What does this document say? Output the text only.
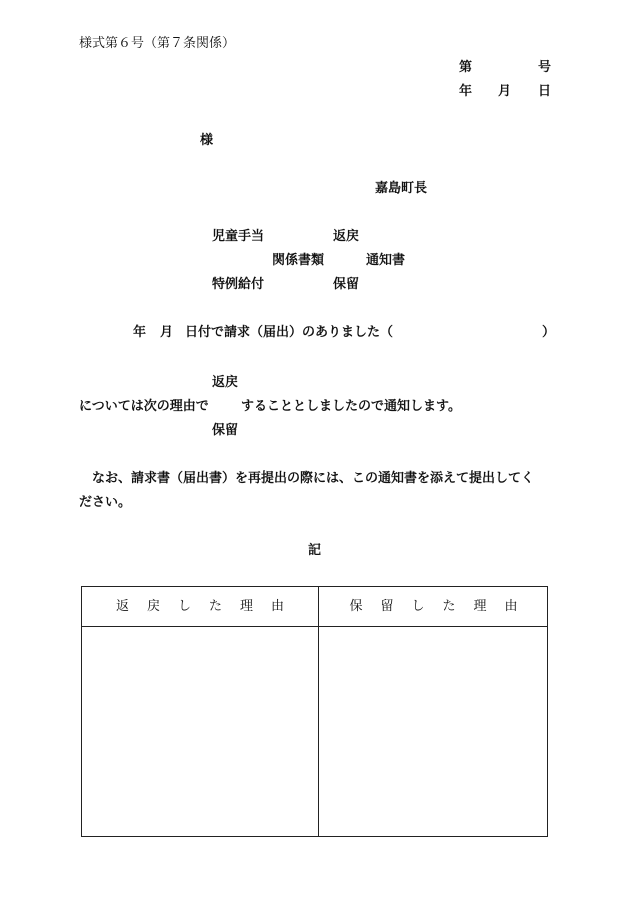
様式第６号（第７条関係）
第	号
年 月 日
様
嘉島町長
児童手当	返戻
関係書類	通知書
特例給付	保留
年 月 日付で請求（届出）のありました（	）
返戻
については次の理由で することとしましたので通知します。
保留
なお、請求書（届出書）を再提出の際には、この通知書を添えて提出してく
ださい。
記
返戻した理由	保留した理由
